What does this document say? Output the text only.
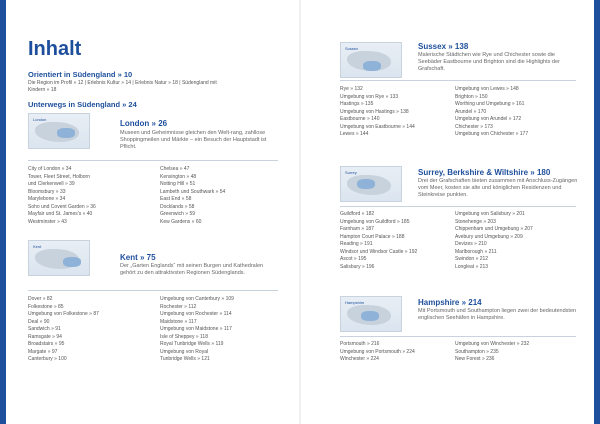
Inhalt
Orientiert in Südengland » 10
Die Region im Profil » 12 | Erlebnis Kultur » 14 | Erlebnis Natur » 18 | Südengland mit
Kindern » 18
Unterwegs in Südengland » 24
London	London » 26
Museen und Geheimnisse gleichen den Welt-rang, zahllose Shoppingmeilen und Märkte – ein Besuch der Hauptstadt ist Pflicht.
City of London » 34
Tower, Fleet Street, Holborn
und Clerkenwell » 39
Bloomsbury » 33
Marylebone » 34
Soho und Covent Garden » 36
Mayfair und St. James's » 40
Westminster » 43
Chelsea » 47
Kensington » 48
Notting Hill » 51
Lambeth und Southwark » 54
East End » 58
Docklands » 58
Greenwich » 59
Kew Gardens » 60
Kent
Kent » 75
Der „Garten Englands“ mit seinen Burgen und Kathedralen gehört zu den attraktivsten Regionen Südenglands.
Dover » 82
Folkestone » 85
Umgebung von Folkestone » 87
Deal » 90
Sandwich » 91
Ramsgate » 94
Broadstairs » 95
Margate » 97
Canterbury » 100
Umgebung von Canterbury » 109
Rochester » 112
Umgebung von Rochester » 114
Maidstone » 117
Umgebung von Maidstone » 117
Isle of Sheppey » 118
Royal Tunbridge Wells » 119
Umgebung von Royal
Tunbridge Wells » 121
Sussex	Sussex » 138
Malerische Städtchen wie Rye und Chichester sowie die Seebäder Eastbourne und Brighton sind die Highlights der Grafschaft.
Rye » 132
Umgebung von Rye » 133
Hastings » 135
Umgebung von Hastings » 138
Eastbourne » 140
Umgebung von Eastbourne » 144
Lewes » 144
Umgebung von Lewes » 148
Brighton » 150
Worthing und Umgebung » 161
Arundel » 170
Umgebung von Arundel » 172
Chichester » 173
Umgebung von Chichester » 177
Surrey	Surrey, Berkshire & Wiltshire » 180
Drei der Grafschaften bieten zusammen mit Anschluss-Zugängen vom Meer, kosten sie alte und königlichen Residenzen und Steinkreise punkten.
Guildford » 182
Umgebung von Guildford » 185
Farnham » 187
Hampton Court Palace » 188
Reading » 191
Windsor und Windsor Castle » 192
Ascot » 195
Salisbury » 196
Umgebung von Salisbury » 201
Stonehenge » 203
Chippenham und Umgebung » 207
Avebury und Umgebung » 209
Devizes » 210
Marlborough » 211
Swindon » 212
Longleat » 213
Hampshire	Hampshire » 214
Mit Portsmouth und Southampton liegen zwei der bedeutendsten englischen Seehäfen in Hampshire.
Portsmouth » 216
Umgebung von Portsmouth » 224
Winchester » 224
Umgebung von Winchester » 232
Southampton » 235
New Forest » 236
